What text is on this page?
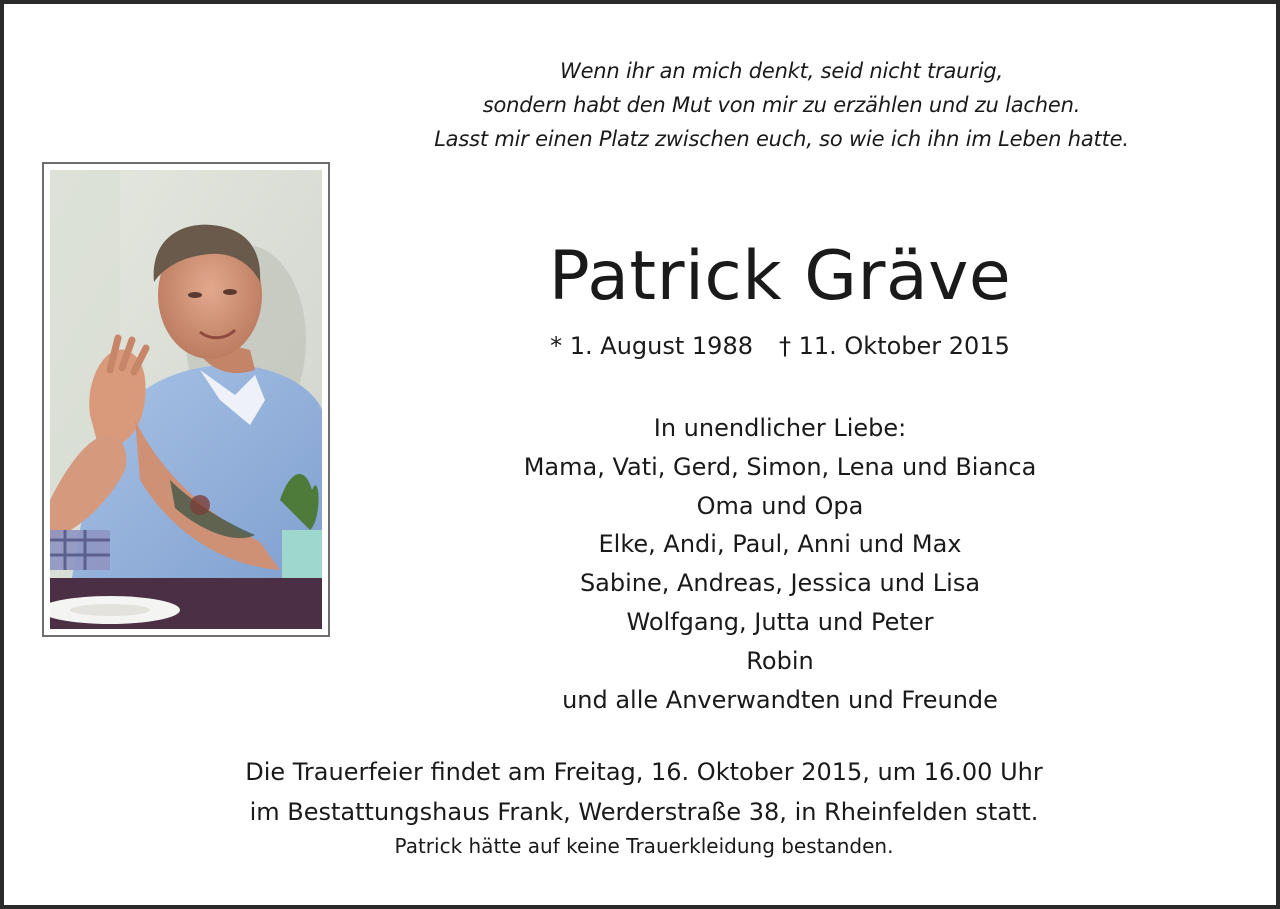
Wenn ihr an mich denkt, seid nicht traurig,
sondern habt den Mut von mir zu erzählen und zu lachen.
Lasst mir einen Platz zwischen euch, so wie ich ihn im Leben hatte.
Patrick Gräve
* 1. August 1988 † 11. Oktober 2015
In unendlicher Liebe:
Mama, Vati, Gerd, Simon, Lena und Bianca
Oma und Opa
Elke, Andi, Paul, Anni und Max
Sabine, Andreas, Jessica und Lisa
Wolfgang, Jutta und Peter
Robin
und alle Anverwandten und Freunde
Die Trauerfeier findet am Freitag, 16. Oktober 2015, um 16.00 Uhr
im Bestattungshaus Frank, Werderstraße 38, in Rheinfelden statt.
Patrick hätte auf keine Trauerkleidung bestanden.
